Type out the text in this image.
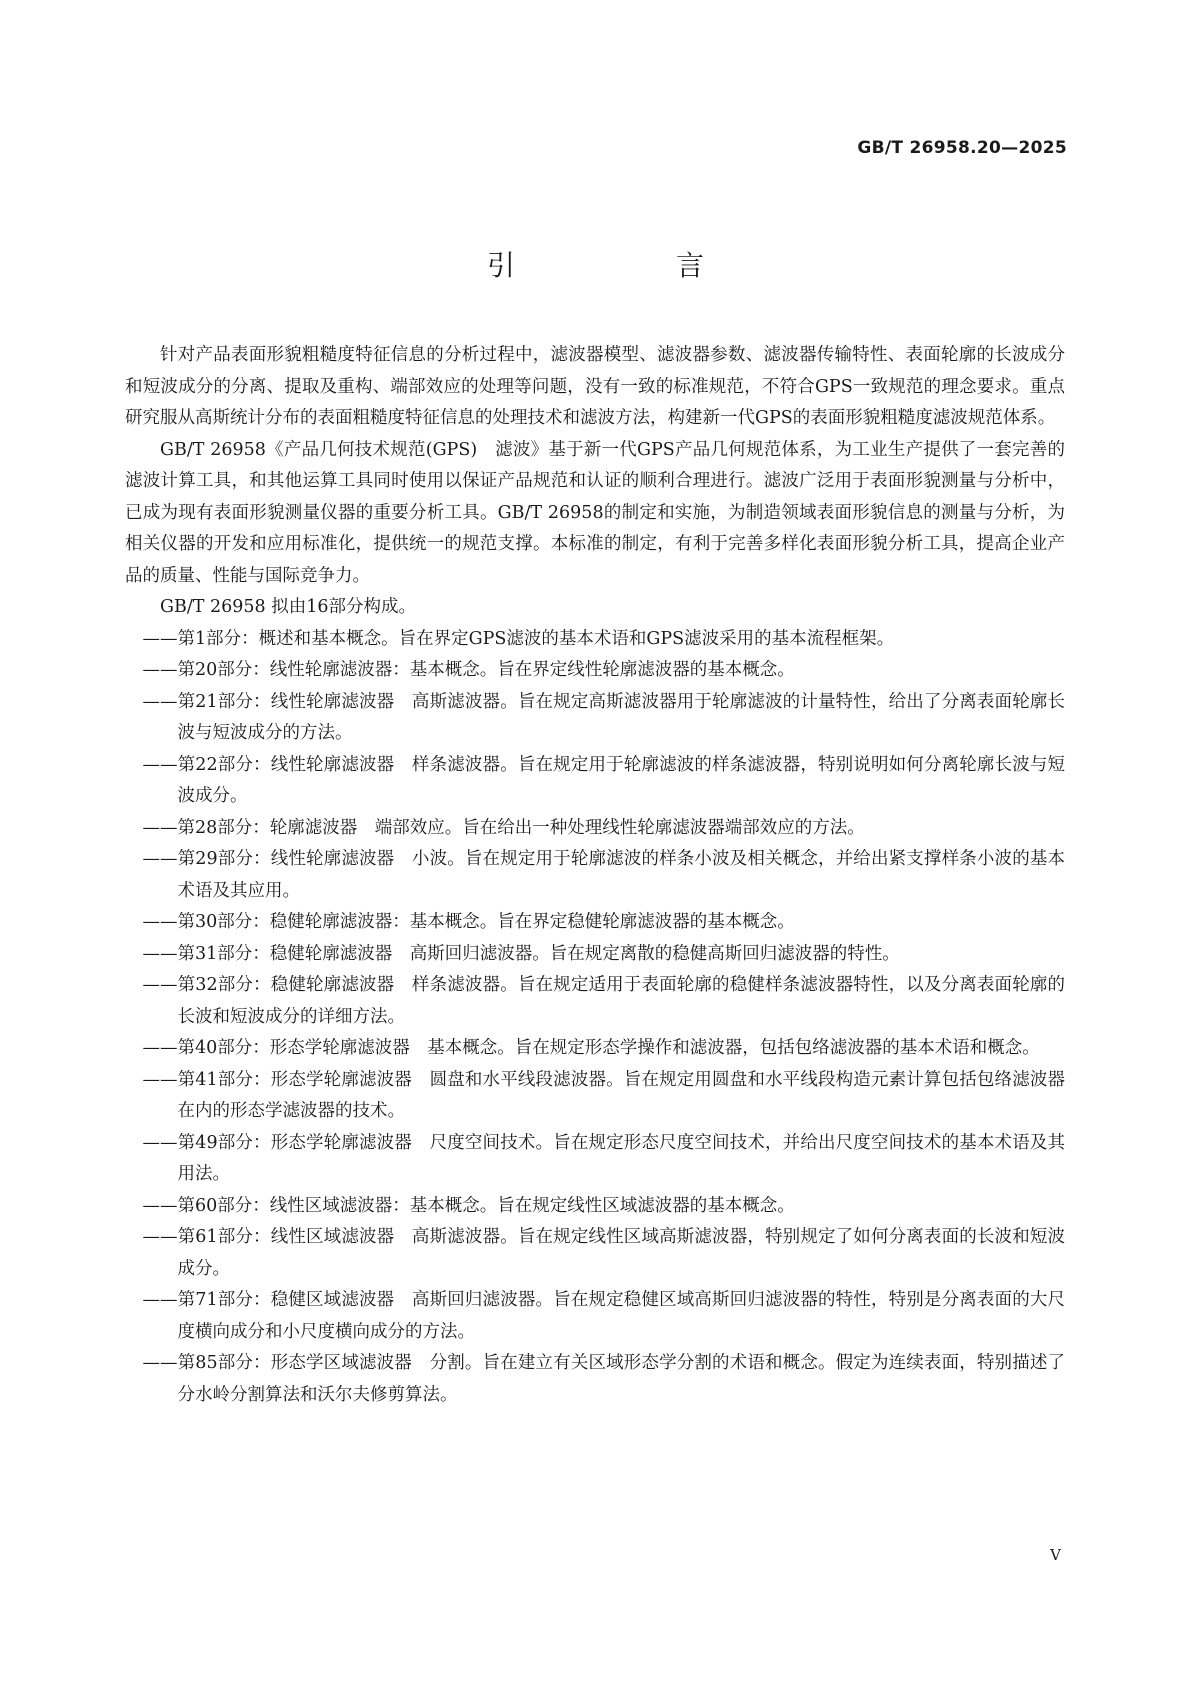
GB/T 26958.20—2025
引 言

针对产品表面形貌粗糙度特征信息的分析过程中，滤波器模型、滤波器参数、滤波器传输特性、表面轮廓的长波成分和短波成分的分离、提取及重构、端部效应的处理等问题，没有一致的标准规范，不符合GPS一致规范的理念要求。重点研究服从高斯统计分布的表面粗糙度特征信息的处理技术和滤波方法，构建新一代GPS的表面形貌粗糙度滤波规范体系。

GB/T 26958《产品几何技术规范(GPS)　滤波》基于新一代GPS产品几何规范体系，为工业生产提供了一套完善的滤波计算工具，和其他运算工具同时使用以保证产品规范和认证的顺利合理进行。滤波广泛用于表面形貌测量与分析中，已成为现有表面形貌测量仪器的重要分析工具。GB/T 26958的制定和实施，为制造领域表面形貌信息的测量与分析，为相关仪器的开发和应用标准化，提供统一的规范支撑。本标准的制定，有利于完善多样化表面形貌分析工具，提高企业产品的质量、性能与国际竞争力。

GB/T 26958 拟由16部分构成。

——第1部分：概述和基本概念。旨在界定GPS滤波的基本术语和GPS滤波采用的基本流程框架。
——第20部分：线性轮廓滤波器：基本概念。旨在界定线性轮廓滤波器的基本概念。
——第21部分：线性轮廓滤波器　高斯滤波器。旨在规定高斯滤波器用于轮廓滤波的计量特性，给出了分离表面轮廓长波与短波成分的方法。
——第22部分：线性轮廓滤波器　样条滤波器。旨在规定用于轮廓滤波的样条滤波器，特别说明如何分离轮廓长波与短波成分。
——第28部分：轮廓滤波器　端部效应。旨在给出一种处理线性轮廓滤波器端部效应的方法。
——第29部分：线性轮廓滤波器　小波。旨在规定用于轮廓滤波的样条小波及相关概念，并给出紧支撑样条小波的基本术语及其应用。
——第30部分：稳健轮廓滤波器：基本概念。旨在界定稳健轮廓滤波器的基本概念。
——第31部分：稳健轮廓滤波器　高斯回归滤波器。旨在规定离散的稳健高斯回归滤波器的特性。
——第32部分：稳健轮廓滤波器　样条滤波器。旨在规定适用于表面轮廓的稳健样条滤波器特性，以及分离表面轮廓的长波和短波成分的详细方法。
——第40部分：形态学轮廓滤波器　基本概念。旨在规定形态学操作和滤波器，包括包络滤波器的基本术语和概念。
——第41部分：形态学轮廓滤波器　圆盘和水平线段滤波器。旨在规定用圆盘和水平线段构造元素计算包括包络滤波器在内的形态学滤波器的技术。
——第49部分：形态学轮廓滤波器　尺度空间技术。旨在规定形态尺度空间技术，并给出尺度空间技术的基本术语及其用法。
——第60部分：线性区域滤波器：基本概念。旨在规定线性区域滤波器的基本概念。
——第61部分：线性区域滤波器　高斯滤波器。旨在规定线性区域高斯滤波器，特别规定了如何分离表面的长波和短波成分。
——第71部分：稳健区域滤波器　高斯回归滤波器。旨在规定稳健区域高斯回归滤波器的特性，特别是分离表面的大尺度横向成分和小尺度横向成分的方法。
——第85部分：形态学区域滤波器　分割。旨在建立有关区域形态学分割的术语和概念。假定为连续表面，特别描述了分水岭分割算法和沃尔夫修剪算法。
V
